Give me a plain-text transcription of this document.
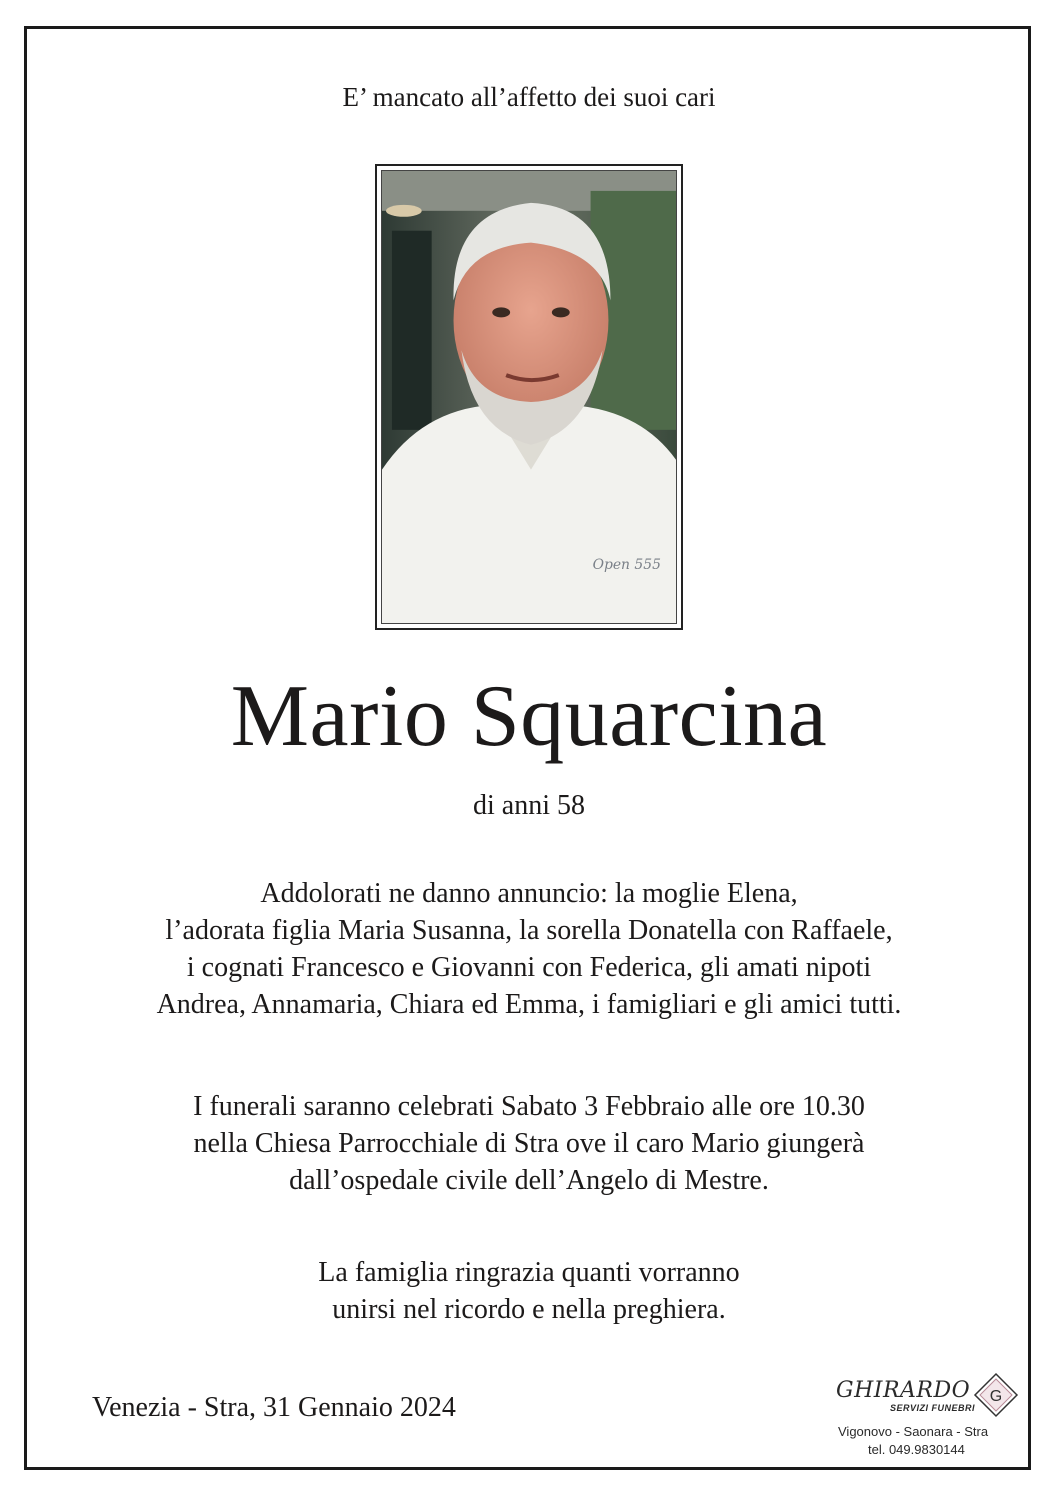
E’ mancato all’affetto dei suoi cari
Open 555
Mario Squarcina
di anni 58
Addolorati ne danno annuncio: la moglie Elena,
l’adorata figlia Maria Susanna, la sorella Donatella con Raffaele,
i cognati Francesco e Giovanni con Federica, gli amati nipoti
Andrea, Annamaria, Chiara ed Emma, i famigliari e gli amici tutti.
I funerali saranno celebrati Sabato 3 Febbraio alle ore 10.30
nella Chiesa Parrocchiale di Stra ove il caro Mario giungerà
dall’ospedale civile dell’Angelo di Mestre.
La famiglia ringrazia quanti vorranno
unirsi nel ricordo e nella preghiera.
Venezia - Stra, 31 Gennaio 2024
GHIRARDO
SERVIZI FUNEBRI
G
Vigonovo - Saonara - Stra
tel. 049.9830144
